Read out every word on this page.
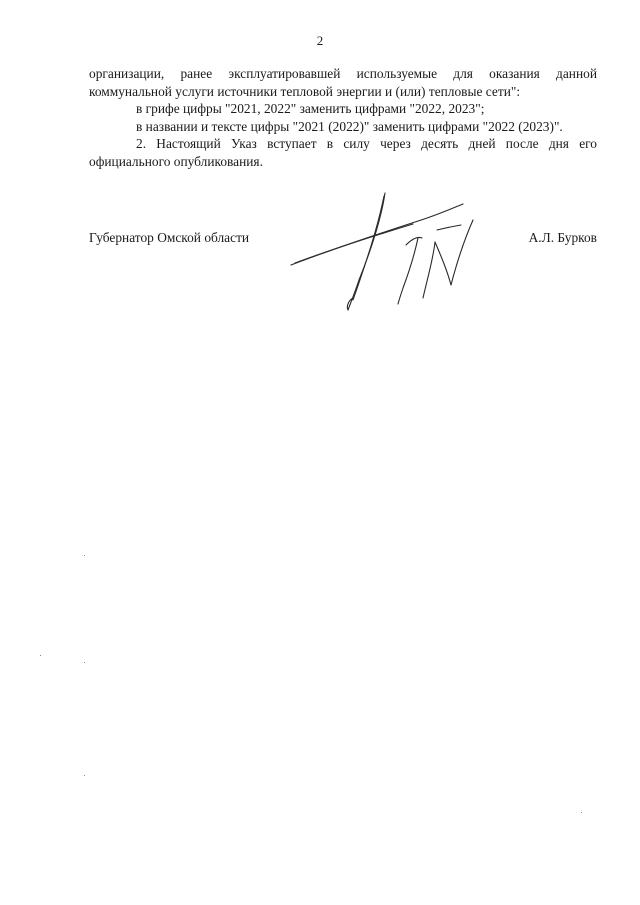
2

организации, ранее эксплуатировавшей используемые для оказания данной коммунальной услуги источники тепловой энергии и (или) тепловые сети":

в грифе цифры "2021, 2022" заменить цифрами "2022, 2023";

в названии и тексте цифры "2021 (2022)" заменить цифрами "2022 (2023)".

2. Настоящий Указ вступает в силу через десять дней после дня его официального опубликования.

Губернатор Омской области	А.Л. Бурков
